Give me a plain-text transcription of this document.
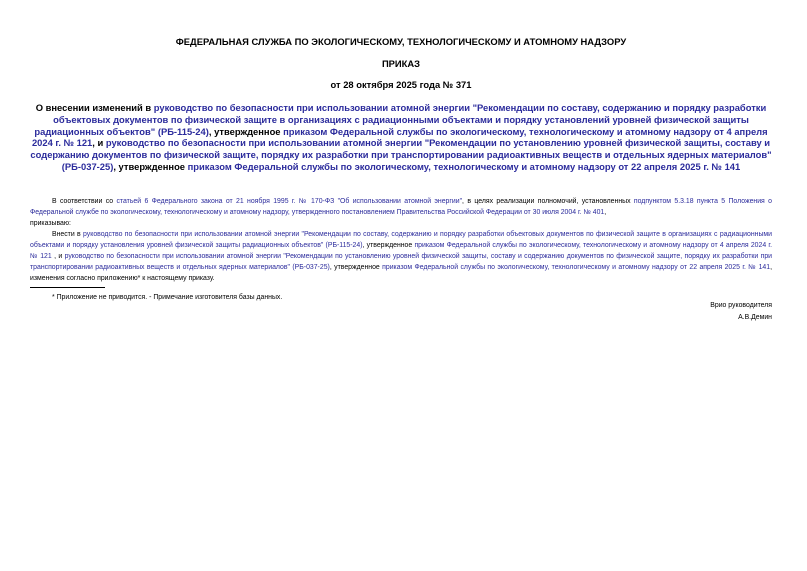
ФЕДЕРАЛЬНАЯ СЛУЖБА ПО ЭКОЛОГИЧЕСКОМУ, ТЕХНОЛОГИЧЕСКОМУ И АТОМНОМУ НАДЗОРУ
ПРИКАЗ
от 28 октября 2025 года № 371
О внесении изменений в руководство по безопасности при использовании атомной энергии "Рекомендации по составу, содержанию и порядку разработки объектовых документов по физической защите в организациях с радиационными объектами и порядку установлений уровней физической защиты радиационных объектов" (РБ-115-24), утвержденное приказом Федеральной службы по экологическому, технологическому и атомному надзору от 4 апреля 2024 г. № 121, и руководство по безопасности при использовании атомной энергии "Рекомендации по установлению уровней физической защиты, составу и содержанию документов по физической защите, порядку их разработки при транспортировании радиоактивных веществ и отдельных ядерных материалов" (РБ-037-25), утвержденное приказом Федеральной службы по экологическому, технологическому и атомному надзору от 22 апреля 2025 г. № 141

В соответствии со статьей 6 Федерального закона от 21 ноября 1995 г. № 170-ФЗ "Об использовании атомной энергии", в целях реализации полномочий, установленных подпунктом 5.3.18 пункта 5 Положения о Федеральной службе по экологическому, технологическому и атомному надзору, утвержденного постановлением Правительства Российской Федерации от 30 июля 2004 г. № 401,

приказываю:

Внести в руководство по безопасности при использовании атомной энергии "Рекомендации по составу, содержанию и порядку разработки объектовых документов по физической защите в организациях с радиационными объектами и порядку установления уровней физической защиты радиационных объектов" (РБ-115-24), утвержденное приказом Федеральной службы по экологическому, технологическому и атомному надзору от 4 апреля 2024 г. № 121 , и руководство по безопасности при использовании атомной энергии "Рекомендации по установлению уровней физической защиты, составу и содержанию документов по физической защите, порядку их разработки при транспортировании радиоактивных веществ и отдельных ядерных материалов" (РБ-037-25), утвержденное приказом Федеральной службы по экологическому, технологическому и атомному надзору от 22 апреля 2025 г. № 141, изменения согласно приложению* к настоящему приказу.

* Приложение не приводится. - Примечание изготовителя базы данных.
Врио руководителя
А.В.Демин
